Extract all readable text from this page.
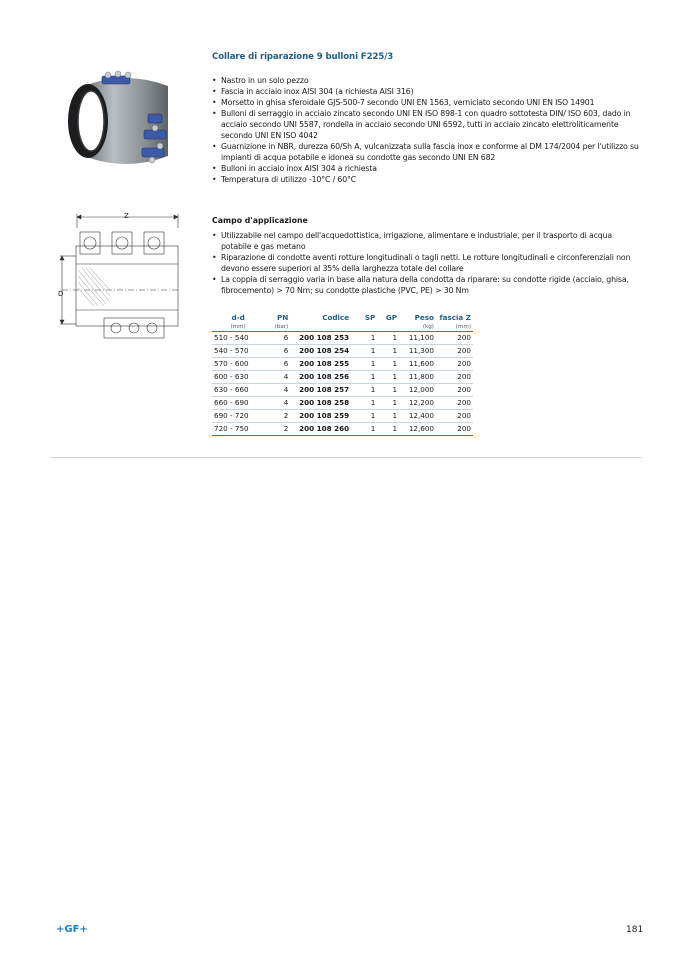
Z
D
Collare di riparazione 9 bulloni F225/3
• Nastro in un solo pezzo
• Fascia in acciaio inox AISI 304 (a richiesta AISI 316)
• Morsetto in ghisa sferoidale GJS-500-7 secondo UNI EN 1563, verniciato secondo UNI EN ISO 14901
• Bulloni di serraggio in acciaio zincato secondo UNI EN ISO 898-1 con quadro sottotesta DIN/ ISO 603, dado in acciaio secondo UNI 5587, rondella in acciaio secondo UNI 6592, tutti in acciaio zincato elettroliticamente secondo UNI EN ISO 4042
• Guarnizione in NBR, durezza 60/Sh A, vulcanizzata sulla fascia inox e conforme al DM 174/2004 per l'utilizzo su impianti di acqua potabile e idonea su condotte gas secondo UNI EN 682
• Bulloni in acciaio inox AISI 304 a richiesta
• Temperatura di utilizzo -10°C / 60°C
Campo d'applicazione
• Utilizzabile nel campo dell'acquedottistica, irrigazione, alimentare e industriale, per il trasporto di acqua potabile e gas metano
• Riparazione di condotte aventi rotture longitudinali o tagli netti. Le rotture longitudinali e circonferenziali non devono essere superiori al 35% della larghezza totale del collare
• La coppia di serraggio varia in base alla natura della condotta da riparare: su condotte rigide (acciaio, ghisa, fibrocemento) > 70 Nm; su condotte plastiche (PVC, PE) > 30 Nm
d-d	PN	Codice	SP	GP	Peso	fascia Z
(mm)	(bar)				(kg)	(mm)
510 - 540	6	200 108 253	1	1	11,100	200
540 - 570	6	200 108 254	1	1	11,300	200
570 - 600	6	200 108 255	1	1	11,600	200
600 - 630	4	200 108 256	1	1	11,800	200
630 - 660	4	200 108 257	1	1	12,000	200
660 - 690	4	200 108 258	1	1	12,200	200
690 - 720	2	200 108 259	1	1	12,400	200
720 - 750	2	200 108 260	1	1	12,600	200
+GF+	181
